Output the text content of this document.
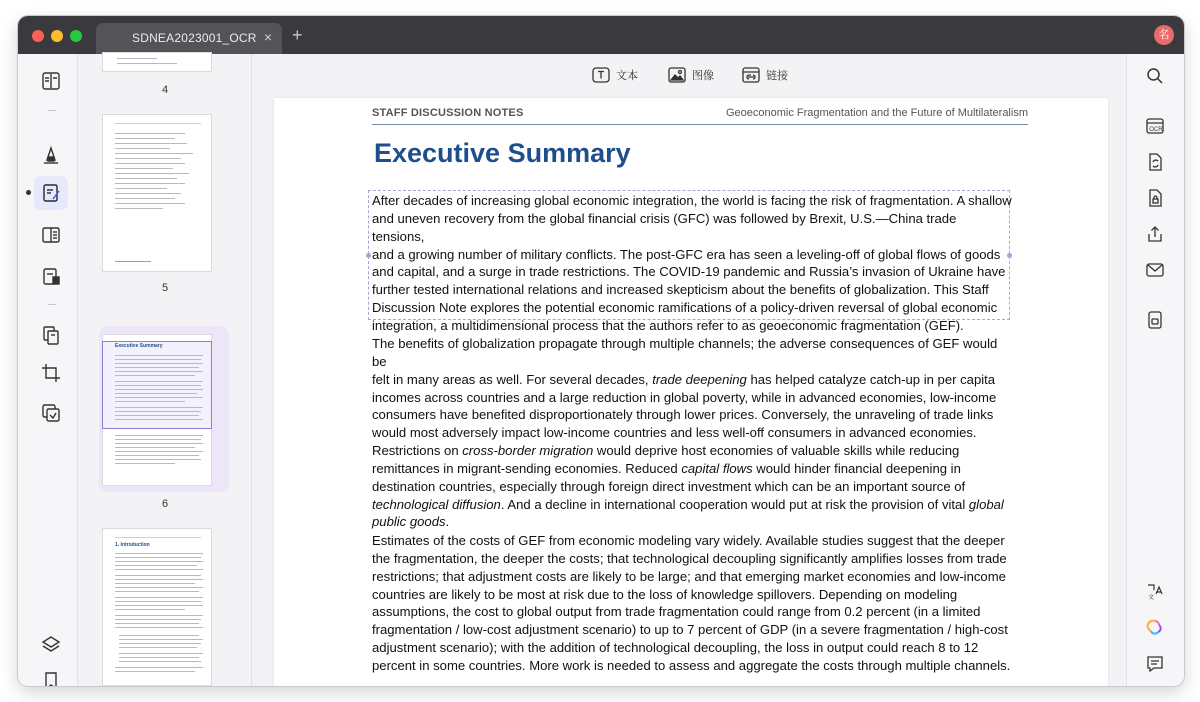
SDNEA2023001_OCR × +	名
4
5
Executive Summary
6
1. Introduction
文本	图像	链接
STAFF DISCUSSION NOTES	Geoeconomic Fragmentation and the Future of Multilateralism
Executive Summary
After decades of increasing global economic integration, the world is facing the risk of fragmentation. A shallow
and uneven recovery from the global financial crisis (GFC) was followed by Brexit, U.S.—China trade tensions,
and a growing number of military conflicts. The post-GFC era has seen a leveling-off of global flows of goods
and capital, and a surge in trade restrictions. The COVID-19 pandemic and Russia’s invasion of Ukraine have
further tested international relations and increased skepticism about the benefits of globalization. This Staff
Discussion Note explores the potential economic ramifications of a policy-driven reversal of global economic
integration, a multidimensional process that the authors refer to as geoeconomic fragmentation (GEF).
The benefits of globalization propagate through multiple channels; the adverse consequences of GEF would be
felt in many areas as well. For several decades, trade deepening has helped catalyze catch-up in per capita
incomes across countries and a large reduction in global poverty, while in advanced economies, low-income
consumers have benefited disproportionately through lower prices. Conversely, the unraveling of trade links
would most adversely impact low-income countries and less well-off consumers in advanced economies.
Restrictions on cross-border migration would deprive host economies of valuable skills while reducing
remittances in migrant-sending economies. Reduced capital flows would hinder financial deepening in
destination countries, especially through foreign direct investment which can be an important source of
technological diffusion. And a decline in international cooperation would put at risk the provision of vital global
public goods.
Estimates of the costs of GEF from economic modeling vary widely. Available studies suggest that the deeper
the fragmentation, the deeper the costs; that technological decoupling significantly amplifies losses from trade
restrictions; that adjustment costs are likely to be large; and that emerging market economies and low-income
countries are likely to be most at risk due to the loss of knowledge spillovers. Depending on modeling
assumptions, the cost to global output from trade fragmentation could range from 0.2 percent (in a limited
fragmentation / low-cost adjustment scenario) to up to 7 percent of GDP (in a severe fragmentation / high-cost
adjustment scenario); with the addition of technological decoupling, the loss in output could reach 8 to 12
percent in some countries. More work is needed to assess and aggregate the costs through multiple channels.
OCR
文
